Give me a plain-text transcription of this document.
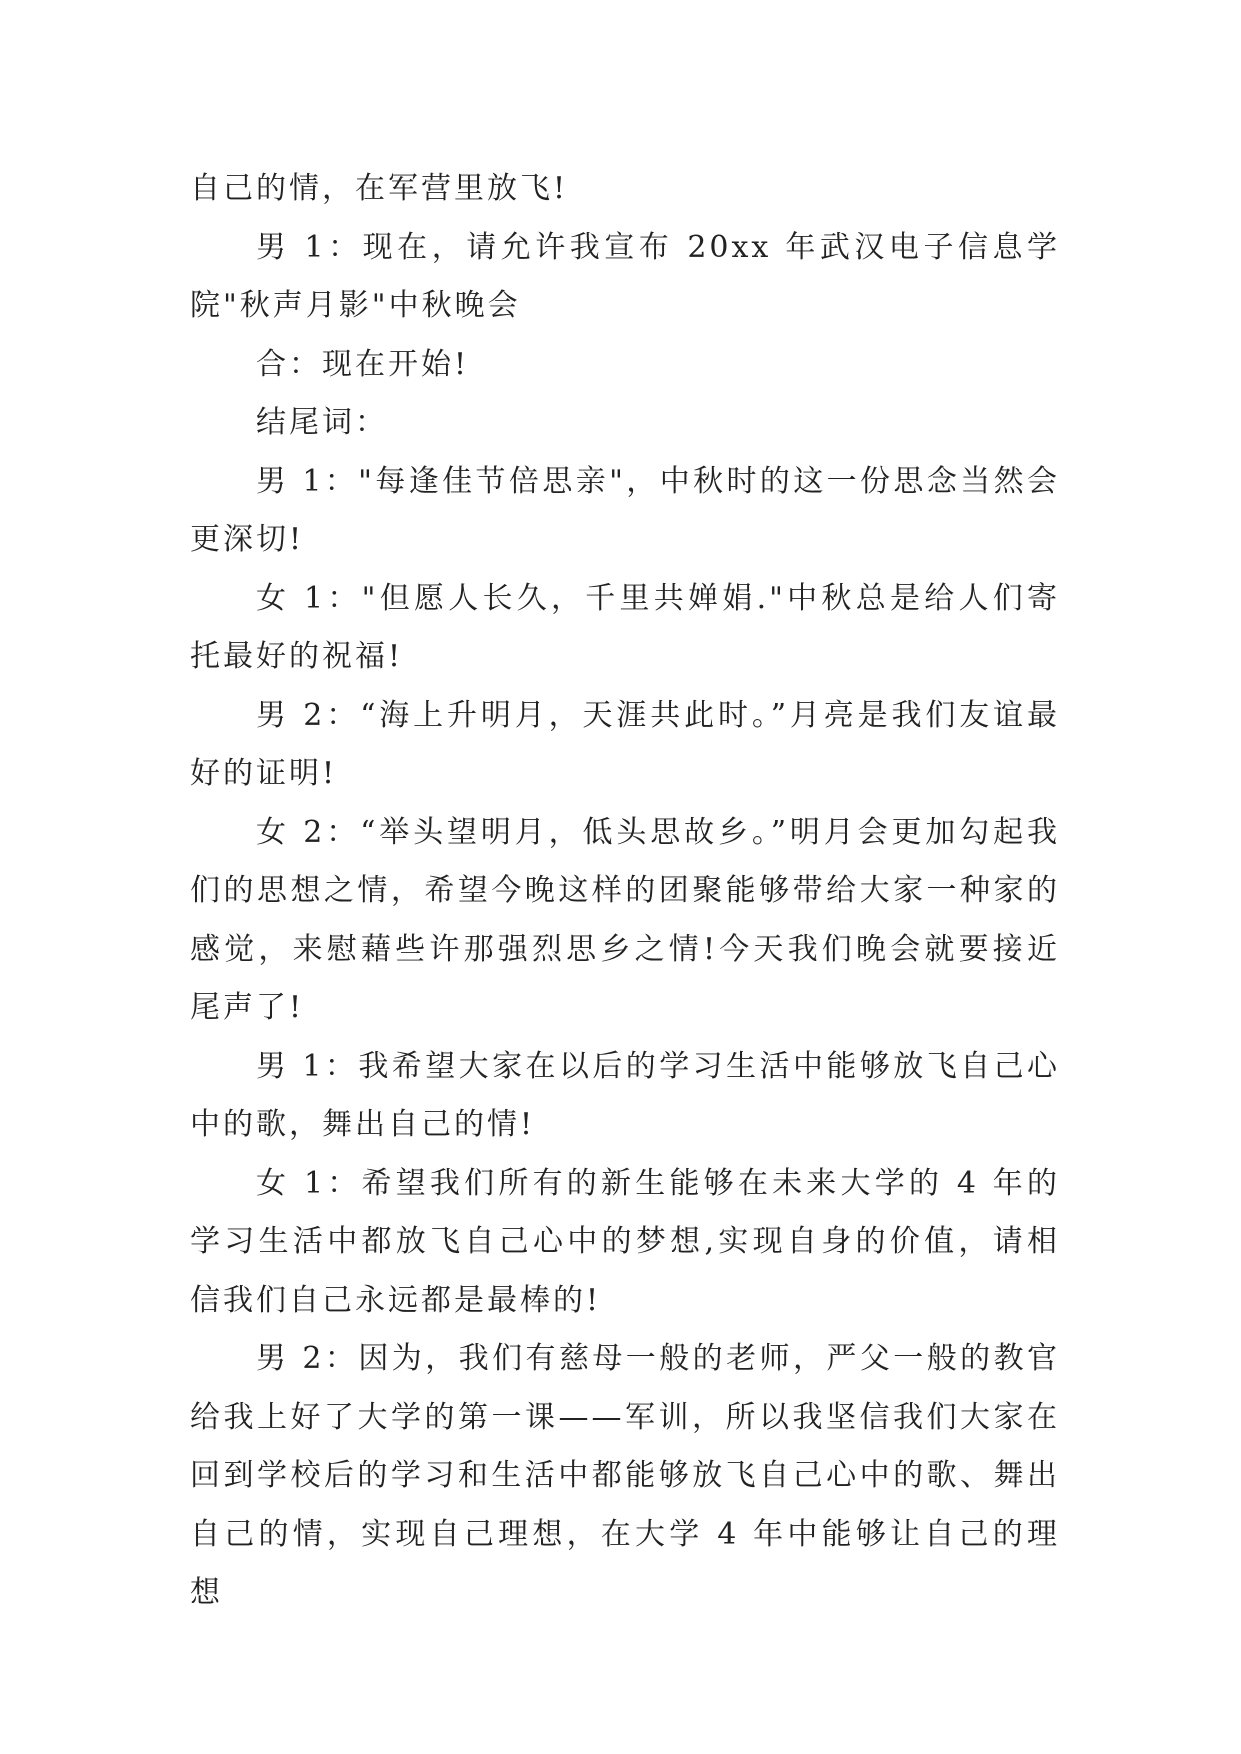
自己的情，在军营里放飞!

男 1：现在，请允许我宣布 20xx 年武汉电子信息学院"秋声月影"中秋晚会

合：现在开始!

结尾词：

男 1："每逢佳节倍思亲"，中秋时的这一份思念当然会更深切!

女 1："但愿人长久，千里共婵娟."中秋总是给人们寄托最好的祝福!

男 2：“海上升明月，天涯共此时。”月亮是我们友谊最好的证明!

女 2：“举头望明月，低头思故乡。”明月会更加勾起我们的思想之情，希望今晚这样的团聚能够带给大家一种家的感觉，来慰藉些许那强烈思乡之情!今天我们晚会就要接近尾声了!

男 1：我希望大家在以后的学习生活中能够放飞自己心中的歌，舞出自己的情!

女 1：希望我们所有的新生能够在未来大学的 4 年的学习生活中都放飞自己心中的梦想,实现自身的价值，请相信我们自己永远都是最棒的!

男 2：因为，我们有慈母一般的老师，严父一般的教官给我上好了大学的第一课——军训，所以我坚信我们大家在回到学校后的学习和生活中都能够放飞自己心中的歌、舞出自己的情，实现自己理想，在大学 4 年中能够让自己的理想
